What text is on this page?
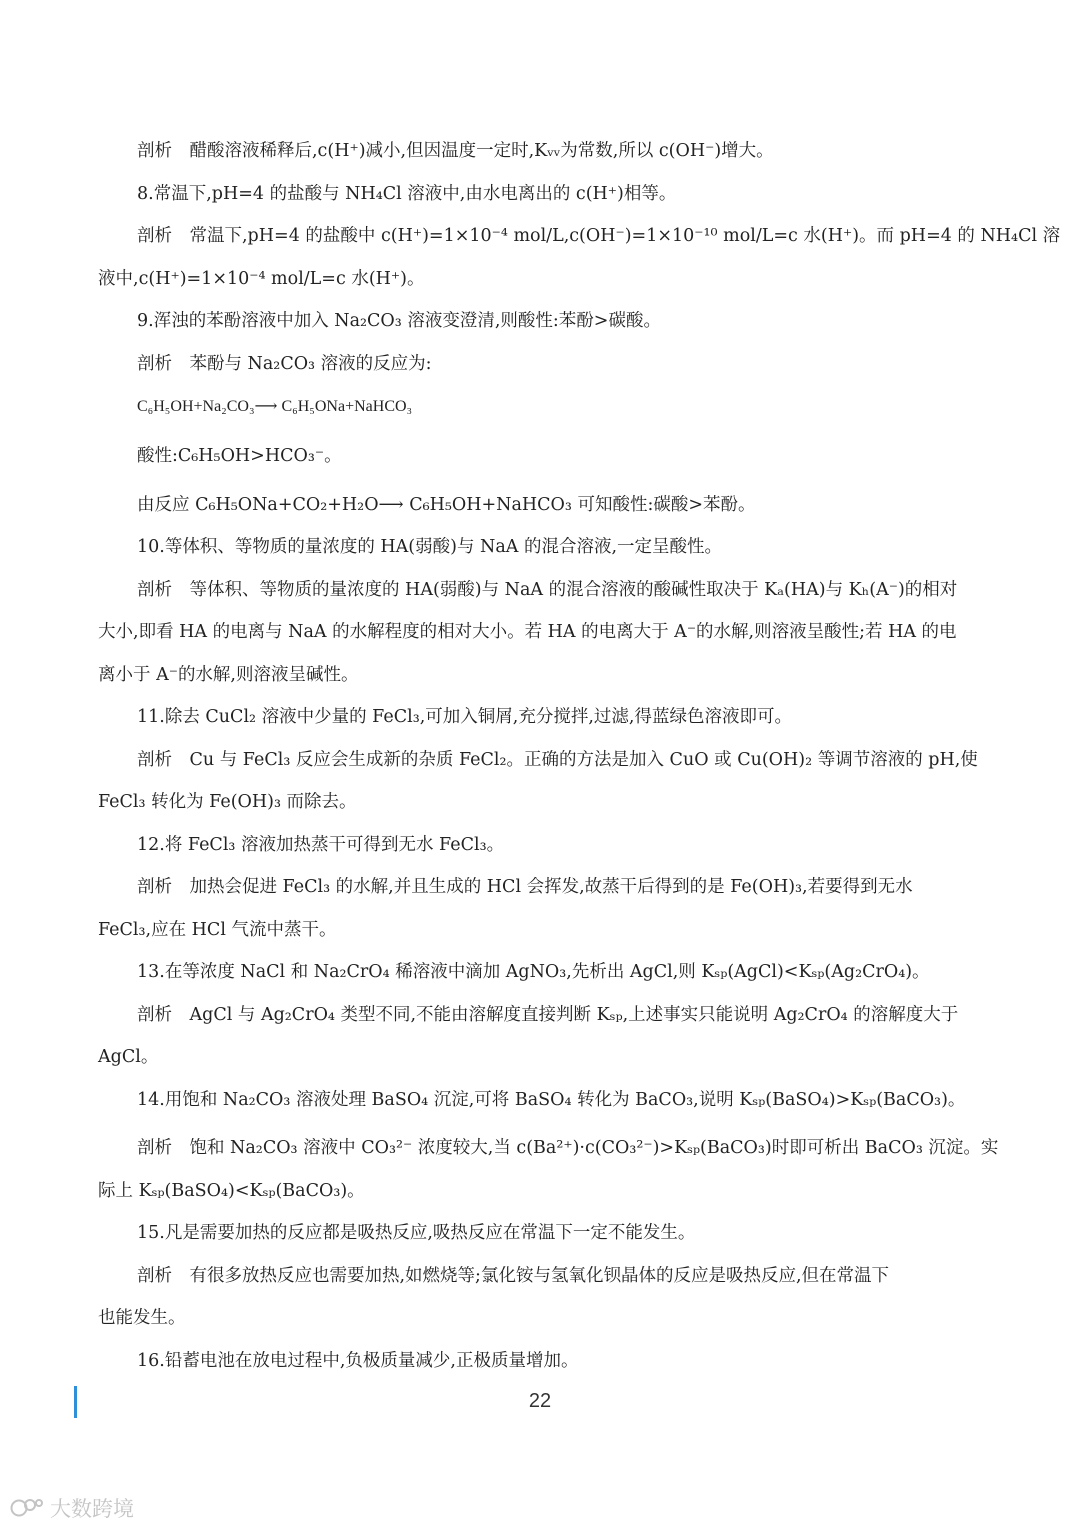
剖析　醋酸溶液稀释后,c(H⁺)减小,但因温度一定时,Kᵥᵥ为常数,所以 c(OH⁻)增大。

8.常温下,pH=4 的盐酸与 NH₄Cl 溶液中,由水电离出的 c(H⁺)相等。

剖析　常温下,pH=4 的盐酸中 c(H⁺)=1×10⁻⁴ mol/L,c(OH⁻)=1×10⁻¹⁰ mol/L=c 水(H⁺)。而 pH=4 的 NH₄Cl 溶

液中,c(H⁺)=1×10⁻⁴ mol/L=c 水(H⁺)。

9.浑浊的苯酚溶液中加入 Na₂CO₃ 溶液变澄清,则酸性:苯酚>碳酸。

剖析　苯酚与 Na₂CO₃ 溶液的反应为:

C₆H₅OH+Na₂CO₃⟶ C₆H₅ONa+NaHCO₃

酸性:C₆H₅OH>HCO₃⁻。

由反应 C₆H₅ONa+CO₂+H₂O⟶ C₆H₅OH+NaHCO₃ 可知酸性:碳酸>苯酚。

10.等体积、等物质的量浓度的 HA(弱酸)与 NaA 的混合溶液,一定呈酸性。

剖析　等体积、等物质的量浓度的 HA(弱酸)与 NaA 的混合溶液的酸碱性取决于 Kₐ(HA)与 Kₕ(A⁻)的相对

大小,即看 HA 的电离与 NaA 的水解程度的相对大小。若 HA 的电离大于 A⁻的水解,则溶液呈酸性;若 HA 的电

离小于 A⁻的水解,则溶液呈碱性。

11.除去 CuCl₂ 溶液中少量的 FeCl₃,可加入铜屑,充分搅拌,过滤,得蓝绿色溶液即可。

剖析　Cu 与 FeCl₃ 反应会生成新的杂质 FeCl₂。正确的方法是加入 CuO 或 Cu(OH)₂ 等调节溶液的 pH,使

FeCl₃ 转化为 Fe(OH)₃ 而除去。

12.将 FeCl₃ 溶液加热蒸干可得到无水 FeCl₃。

剖析　加热会促进 FeCl₃ 的水解,并且生成的 HCl 会挥发,故蒸干后得到的是 Fe(OH)₃,若要得到无水

FeCl₃,应在 HCl 气流中蒸干。

13.在等浓度 NaCl 和 Na₂CrO₄ 稀溶液中滴加 AgNO₃,先析出 AgCl,则 Kₛₚ(AgCl)<Kₛₚ(Ag₂CrO₄)。

剖析　AgCl 与 Ag₂CrO₄ 类型不同,不能由溶解度直接判断 Kₛₚ,上述事实只能说明 Ag₂CrO₄ 的溶解度大于

AgCl。

14.用饱和 Na₂CO₃ 溶液处理 BaSO₄ 沉淀,可将 BaSO₄ 转化为 BaCO₃,说明 Kₛₚ(BaSO₄)>Kₛₚ(BaCO₃)。

剖析　饱和 Na₂CO₃ 溶液中 CO₃²⁻ 浓度较大,当 c(Ba²⁺)·c(CO₃²⁻)>Kₛₚ(BaCO₃)时即可析出 BaCO₃ 沉淀。实

际上 Kₛₚ(BaSO₄)<Kₛₚ(BaCO₃)。

15.凡是需要加热的反应都是吸热反应,吸热反应在常温下一定不能发生。

剖析　有很多放热反应也需要加热,如燃烧等;氯化铵与氢氧化钡晶体的反应是吸热反应,但在常温下

也能发生。

16.铅蓄电池在放电过程中,负极质量减少,正极质量增加。

22
大数跨境
